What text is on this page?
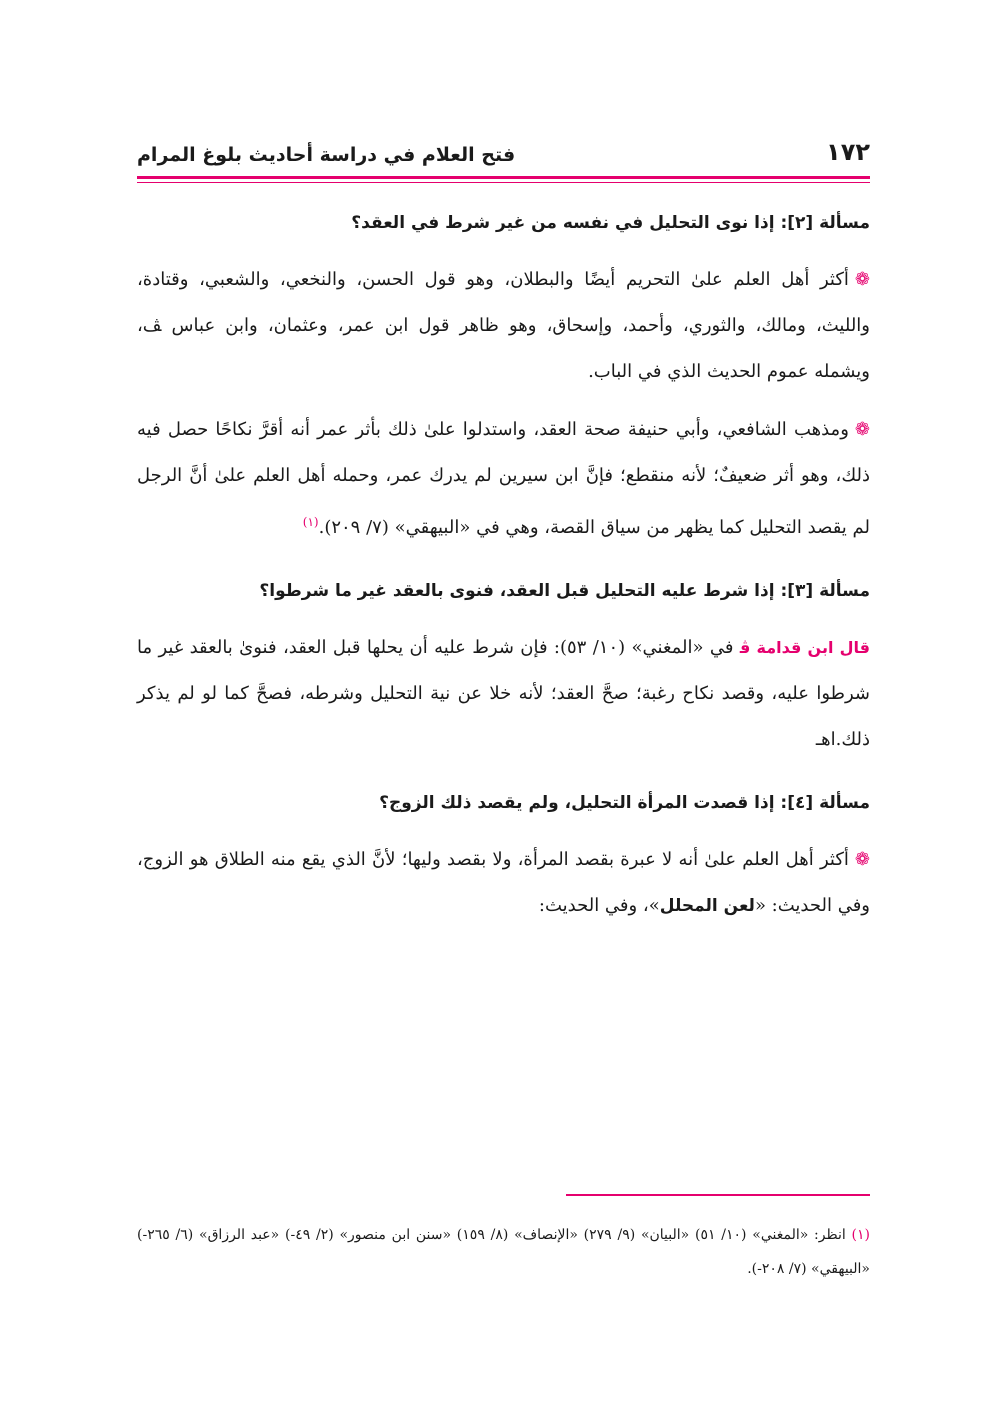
١٧٢
فتح العلام في دراسة أحاديث بلوغ المرام
مسألة [٢]: إذا نوى التحليل في نفسه من غير شرط في العقد؟
❁أكثر أهل العلم علىٰ التحريم أيضًا والبطلان، وهو قول الحسن، والنخعي، والشعبي، وقتادة، والليث، ومالك، والثوري، وأحمد، وإسحاق، وهو ظاهر قول ابن عمر، وعثمان، وابن عباس ﭫ، ويشمله عموم الحديث الذي في الباب.
❁ومذهب الشافعي، وأبي حنيفة صحة العقد، واستدلوا علىٰ ذلك بأثر عمر أنه أقرَّ نكاحًا حصل فيه ذلك، وهو أثر ضعيفٌ؛ لأنه منقطع؛ فإنَّ ابن سيرين لم يدرك عمر، وحمله أهل العلم علىٰ أنَّ الرجل لم يقصد التحليل كما يظهر من سياق القصة، وهي في «البيهقي» (٧/ ٢٠٩).$^{(١)}$
مسألة [٣]: إذا شرط عليه التحليل قبل العقد، فنوى بالعقد غير ما شرطوا؟
قال ابن قدامة ﭬ في «المغني» (١٠/ ٥٣): فإن شرط عليه أن يحلها قبل العقد، فنوىٰ بالعقد غير ما شرطوا عليه، وقصد نكاح رغبة؛ صحَّ العقد؛ لأنه خلا عن نية التحليل وشرطه، فصحَّ كما لو لم يذكر ذلك.اهـ
مسألة [٤]: إذا قصدت المرأة التحليل، ولم يقصد ذلك الزوج؟
❁أكثر أهل العلم علىٰ أنه لا عبرة بقصد المرأة، ولا بقصد وليها؛ لأنَّ الذي يقع منه الطلاق هو الزوج، وفي الحديث: «لعن المحلل»، وفي الحديث:
(١) انظر: «المغني» (١٠/ ٥١) «البيان» (٩/ ٢٧٩) «الإنصاف» (٨/ ١٥٩) «سنن ابن منصور» (٢/ ٤٩-) «عبد الرزاق» (٦/ ٢٦٥-) «البيهقي» (٧/ ٢٠٨-).
